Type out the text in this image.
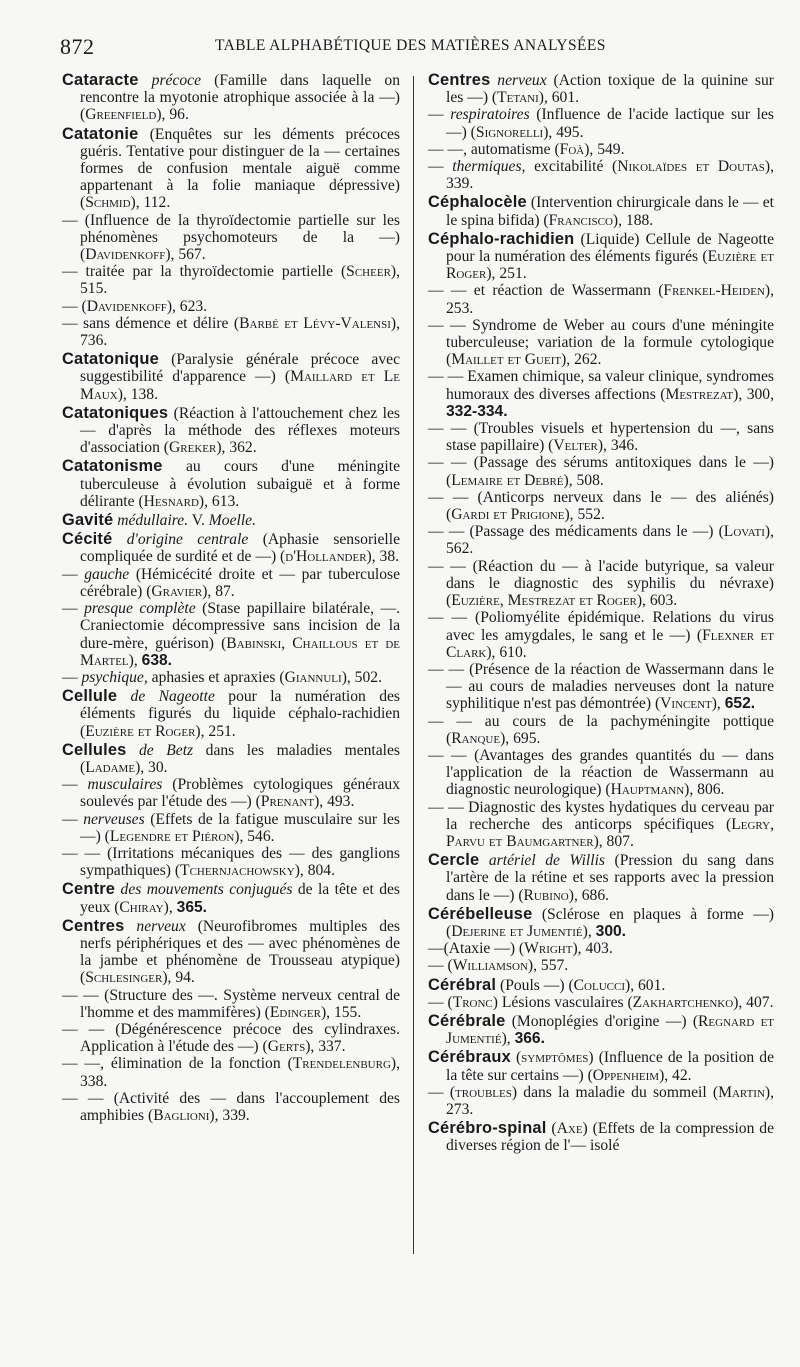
872	TABLE ALPHABÉTIQUE DES MATIÈRES ANALYSÉES
Cataracte précoce (Famille dans laquelle on rencontre la myotonie atrophique associée à la —) (Greenfield), 96.
Catatonie (Enquêtes sur les déments précoces guéris. Tentative pour distinguer de la — certaines formes de confusion mentale aiguë comme appartenant à la folie maniaque dépressive) (Schmid), 112.
— (Influence de la thyroïdectomie partielle sur les phénomènes psychomoteurs de la —) (Davidenkoff), 567.
— traitée par la thyroïdectomie partielle (Scheer), 515.
— (Davidenkoff), 623.
— sans démence et délire (Barbé et Lévy-Valensi), 736.
Catatonique (Paralysie générale précoce avec suggestibilité d'apparence —) (Maillard et Le Maux), 138.
Catatoniques (Réaction à l'attouchement chez les — d'après la méthode des réflexes moteurs d'association (Greker), 362.
Catatonisme au cours d'une méningite tuberculeuse à évolution subaiguë et à forme délirante (Hesnard), 613.
Gavité médullaire. V. Moelle.
Cécité d'origine centrale (Aphasie sensorielle compliquée de surdité et de —) (d'Hollander), 38.
— gauche (Hémicécité droite et — par tuberculose cérébrale) (Gravier), 87.
— presque complète (Stase papillaire bilatérale, —. Craniectomie décompressive sans incision de la dure-mère, guérison) (Babinski, Chaillous et de Martel), 638.
— psychique, aphasies et apraxies (Giannuli), 502.
Cellule de Nageotte pour la numération des éléments figurés du liquide céphalo-rachidien (Euzière et Roger), 251.
Cellules de Betz dans les maladies mentales (Ladame), 30.
— musculaires (Problèmes cytologiques généraux soulevés par l'étude des —) (Prenant), 493.
— nerveuses (Effets de la fatigue musculaire sur les —) (Legendre et Piéron), 546.
— — (Irritations mécaniques des — des ganglions sympathiques) (Tchernjachowsky), 804.
Centre des mouvements conjugués de la tête et des yeux (Chiray), 365.
Centres nerveux (Neurofibromes multiples des nerfs périphériques et des — avec phénomènes de la jambe et phénomène de Trousseau atypique) (Schlesinger), 94.
— — (Structure des —. Système nerveux central de l'homme et des mammifères) (Edinger), 155.
— — (Dégénérescence précoce des cylindraxes. Application à l'étude des —) (Gerts), 337.
— —, élimination de la fonction (Trendelenburg), 338.
— — (Activité des — dans l'accouplement des amphibies (Baglioni), 339.
Centres nerveux (Action toxique de la quinine sur les —) (Tetani), 601.
— respiratoires (Influence de l'acide lactique sur les —) (Signorelli), 495.
— —, automatisme (Foà), 549.
— thermiques, excitabilité (Nikolaïdes et Doutas), 339.
Céphalocèle (Intervention chirurgicale dans le — et le spina bifida) (Francisco), 188.
Céphalo-rachidien (Liquide) Cellule de Nageotte pour la numération des éléments figurés (Euzière et Roger), 251.
— — et réaction de Wassermann (Frenkel-Heiden), 253.
— — Syndrome de Weber au cours d'une méningite tuberculeuse; variation de la formule cytologique (Maillet et Gueit), 262.
— — Examen chimique, sa valeur clinique, syndromes humoraux des diverses affections (Mestrezat), 300, 332-334.
— — (Troubles visuels et hypertension du —, sans stase papillaire) (Velter), 346.
— — (Passage des sérums antitoxiques dans le —) (Lemaire et Debré), 508.
— — (Anticorps nerveux dans le — des aliénés) (Gardi et Prigione), 552.
— — (Passage des médicaments dans le —) (Lovati), 562.
— — (Réaction du — à l'acide butyrique, sa valeur dans le diagnostic des syphilis du névraxe) (Euzière, Mestrezat et Roger), 603.
— — (Poliomyélite épidémique. Relations du virus avec les amygdales, le sang et le —) (Flexner et Clark), 610.
— — (Présence de la réaction de Wassermann dans le — au cours de maladies nerveuses dont la nature syphilitique n'est pas démontrée) (Vincent), 652.
— — au cours de la pachyméningite pottique (Ranque), 695.
— — (Avantages des grandes quantités du — dans l'application de la réaction de Wassermann au diagnostic neurologique) (Hauptmann), 806.
— — Diagnostic des kystes hydatiques du cerveau par la recherche des anticorps spécifiques (Legry, Parvu et Baumgartner), 807.
Cercle artériel de Willis (Pression du sang dans l'artère de la rétine et ses rapports avec la pression dans le —) (Rubino), 686.
Cérébelleuse (Sclérose en plaques à forme —) (Dejerine et Jumentié), 300.
—(Ataxie —) (Wright), 403.
— (Williamson), 557.
Cérébral (Pouls —) (Colucci), 601.
— (Tronc) Lésions vasculaires (Zakhartchenko), 407.
Cérébrale (Monoplégies d'origine —) (Regnard et Jumentié), 366.
Cérébraux (symptômes) (Influence de la position de la tête sur certains —) (Oppenheim), 42.
— (troubles) dans la maladie du sommeil (Martin), 273.
Cérébro-spinal (Axe) (Effets de la compression de diverses région de l'— isolé
